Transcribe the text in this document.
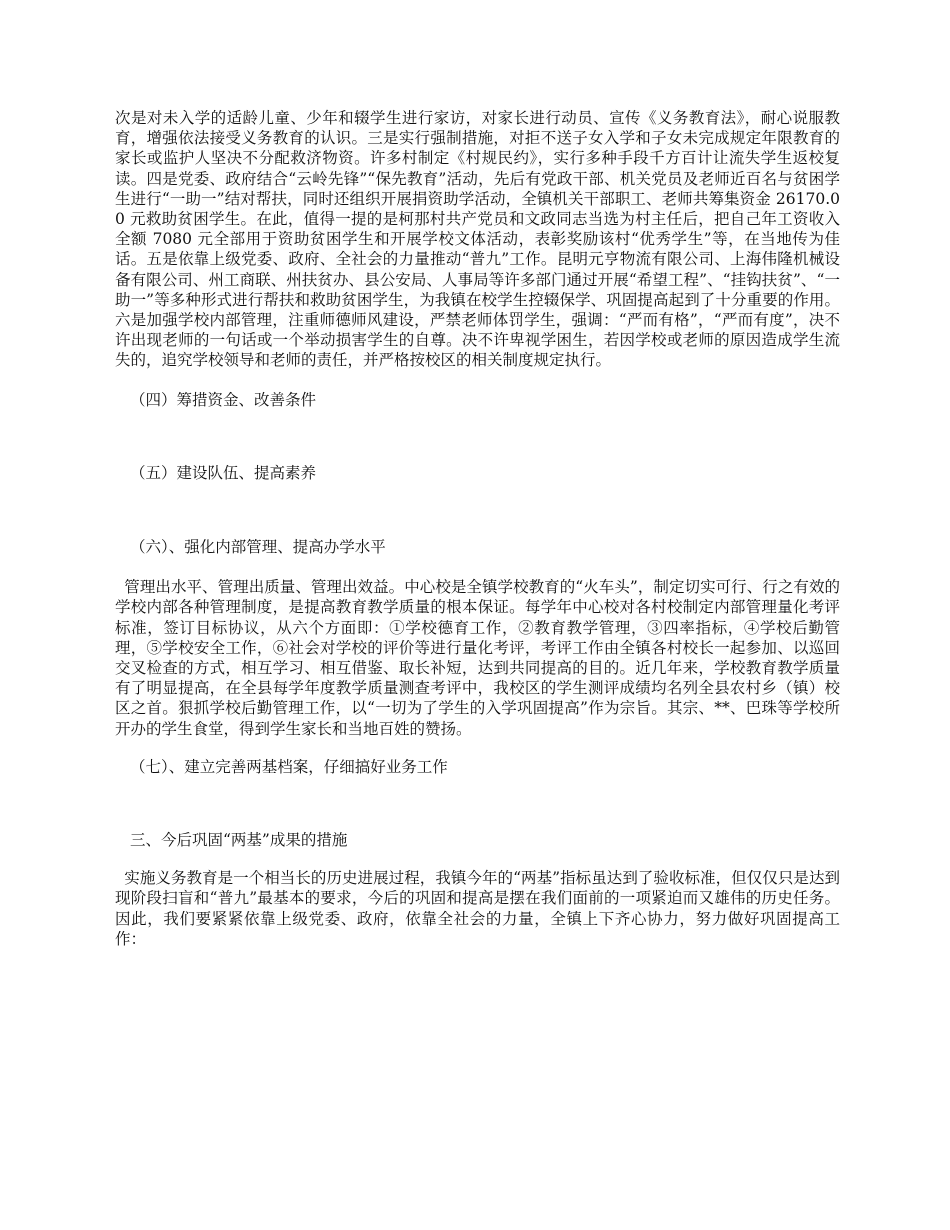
次是对未入学的适龄儿童、少年和辍学生进行家访，对家长进行动员、宣传《义务教育法》，耐心说服教育，增强依法接受义务教育的认识。三是实行强制措施，对拒不送子女入学和子女未完成规定年限教育的家长或监护人坚决不分配救济物资。许多村制定《村规民约》，实行多种手段千方百计让流失学生返校复读。四是党委、政府结合“云岭先锋”“保先教育”活动，先后有党政干部、机关党员及老师近百名与贫困学生进行“一助一”结对帮扶，同时还组织开展捐资助学活动，全镇机关干部职工、老师共筹集资金 26170.00 元救助贫困学生。在此，值得一提的是柯那村共产党员和文政同志当选为村主任后，把自己年工资收入全额 7080 元全部用于资助贫困学生和开展学校文体活动，表彰奖励该村“优秀学生”等，在当地传为佳话。五是依靠上级党委、政府、全社会的力量推动“普九”工作。昆明元亨物流有限公司、上海伟隆机械设备有限公司、州工商联、州扶贫办、县公安局、人事局等许多部门通过开展“希望工程”、“挂钩扶贫”、“一助一”等多种形式进行帮扶和救助贫困学生，为我镇在校学生控辍保学、巩固提高起到了十分重要的作用。六是加强学校内部管理，注重师德师风建设，严禁老师体罚学生，强调：“严而有格”，“严而有度”，决不许出现老师的一句话或一个举动损害学生的自尊。决不许卑视学困生，若因学校或老师的原因造成学生流失的，追究学校领导和老师的责任，并严格按校区的相关制度规定执行。

（四）筹措资金、改善条件

（五）建设队伍、提高素养

（六）、强化内部管理、提高办学水平

管理出水平、管理出质量、管理出效益。中心校是全镇学校教育的“火车头”，制定切实可行、行之有效的学校内部各种管理制度，是提高教育教学质量的根本保证。每学年中心校对各村校制定内部管理量化考评标准，签订目标协议，从六个方面即：①学校德育工作，②教育教学管理，③四率指标，④学校后勤管理，⑤学校安全工作，⑥社会对学校的评价等进行量化考评，考评工作由全镇各村校长一起参加、以巡回交叉检查的方式，相互学习、相互借鉴、取长补短，达到共同提高的目的。近几年来，学校教育教学质量有了明显提高，在全县每学年度教学质量测查考评中，我校区的学生测评成绩均名列全县农村乡（镇）校区之首。狠抓学校后勤管理工作，以“一切为了学生的入学巩固提高”作为宗旨。其宗、**、巴珠等学校所开办的学生食堂，得到学生家长和当地百姓的赞扬。

（七）、建立完善两基档案，仔细搞好业务工作

三、今后巩固“两基”成果的措施

实施义务教育是一个相当长的历史进展过程，我镇今年的“两基”指标虽达到了验收标准，但仅仅只是达到现阶段扫盲和“普九”最基本的要求，今后的巩固和提高是摆在我们面前的一项紧迫而又雄伟的历史任务。因此，我们要紧紧依靠上级党委、政府，依靠全社会的力量，全镇上下齐心协力，努力做好巩固提高工作：
